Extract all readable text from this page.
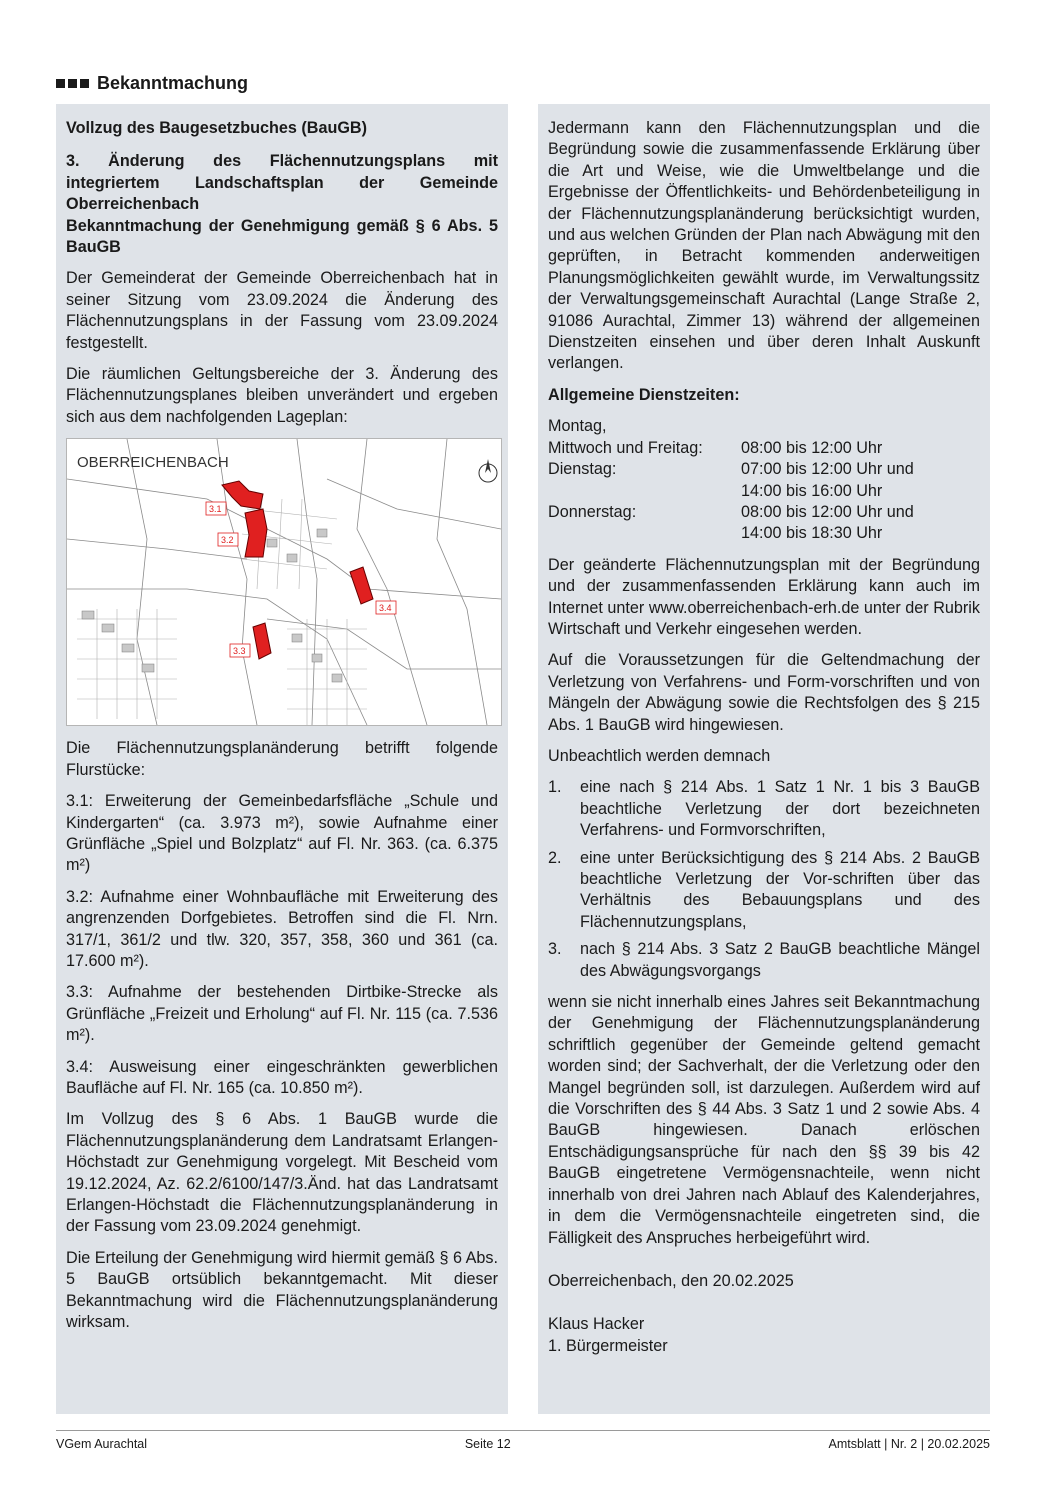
Bekanntmachung

Vollzug des Baugesetzbuches (BauGB)

3. Änderung des Flächennutzungsplans mit integriertem Landschaftsplan der Gemeinde Oberreichenbach

Bekanntmachung der Genehmigung gemäß § 6 Abs. 5 BauGB

Der Gemeinderat der Gemeinde Oberreichenbach hat in seiner Sitzung vom 23.09.2024 die Änderung des Flächennutzungsplans in der Fassung vom 23.09.2024 festgestellt.

Die räumlichen Geltungsbereiche der 3. Änderung des Flächennutzungsplanes bleiben unverändert und ergeben sich aus dem nachfolgenden Lageplan:

3.1
3.2
3.3
3.4
OBERREICHENBACH

Die Flächennutzungsplanänderung betrifft folgende Flurstücke:

3.1: Erweiterung der Gemeinbedarfsfläche „Schule und Kindergarten“ (ca. 3.973 m²), sowie Aufnahme einer Grünfläche „Spiel und Bolzplatz“ auf Fl. Nr. 363. (ca. 6.375 m²)

3.2: Aufnahme einer Wohnbaufläche mit Erweiterung des angrenzenden Dorfgebietes. Betroffen sind die Fl. Nrn. 317/1, 361/2 und tlw. 320, 357, 358, 360 und 361 (ca. 17.600 m²).

3.3: Aufnahme der bestehenden Dirtbike-Strecke als Grünfläche „Freizeit und Erholung“ auf Fl. Nr. 115 (ca. 7.536 m²).

3.4: Ausweisung einer eingeschränkten gewerblichen Baufläche auf Fl. Nr. 165 (ca. 10.850 m²).

Im Vollzug des § 6 Abs. 1 BauGB wurde die Flächennutzungsplanänderung dem Landratsamt Erlangen-Höchstadt zur Genehmigung vorgelegt. Mit Bescheid vom 19.12.2024, Az. 62.2/6100/147/3.Änd. hat das Landratsamt Erlangen-Höchstadt die Flächennutzungsplanänderung in der Fassung vom 23.09.2024 genehmigt.

Die Erteilung der Genehmigung wird hiermit gemäß § 6 Abs. 5 BauGB ortsüblich bekanntgemacht. Mit dieser Bekanntmachung wird die Flächennutzungsplanänderung wirksam.

Jedermann kann den Flächennutzungsplan und die Begründung sowie die zusammenfassende Erklärung über die Art und Weise, wie die Umweltbelange und die Ergebnisse der Öffentlichkeits- und Behördenbeteiligung in der Flächennutzungsplanänderung berücksichtigt wurden, und aus welchen Gründen der Plan nach Abwägung mit den geprüften, in Betracht kommenden anderweitigen Planungsmöglichkeiten gewählt wurde, im Verwaltungssitz der Verwaltungsgemeinschaft Aurachtal (Lange Straße 2, 91086 Aurachtal, Zimmer 13) während der allgemeinen Dienstzeiten einsehen und über deren Inhalt Auskunft verlangen.

Allgemeine Dienstzeiten:

Montag,
Mittwoch und Freitag:	08:00 bis 12:00 Uhr
Dienstag:	07:00 bis 12:00 Uhr und
14:00 bis 16:00 Uhr
Donnerstag:	08:00 bis 12:00 Uhr und
14:00 bis 18:30 Uhr

Der geänderte Flächennutzungsplan mit der Begründung und der zusammenfassenden Erklärung kann auch im Internet unter www.oberreichenbach-erh.de unter der Rubrik Wirtschaft und Verkehr eingesehen werden.

Auf die Voraussetzungen für die Geltendmachung der Verletzung von Verfahrens- und Form-vorschriften und von Mängeln der Abwägung sowie die Rechtsfolgen des § 215 Abs. 1 BauGB wird hingewiesen.

Unbeachtlich werden demnach

1.	eine nach § 214 Abs. 1 Satz 1 Nr. 1 bis 3 BauGB beachtliche Verletzung der dort bezeichneten Verfahrens- und Formvorschriften,
2.	eine unter Berücksichtigung des § 214 Abs. 2 BauGB beachtliche Verletzung der Vor-schriften über das Verhältnis des Bebauungsplans und des Flächennutzungsplans,
3.	nach § 214 Abs. 3 Satz 2 BauGB beachtliche Mängel des Abwägungsvorgangs

wenn sie nicht innerhalb eines Jahres seit Bekanntmachung der Genehmigung der Flächennutzungsplanänderung schriftlich gegenüber der Gemeinde geltend gemacht worden sind; der Sachverhalt, der die Verletzung oder den Mangel begründen soll, ist darzulegen. Außerdem wird auf die Vorschriften des § 44 Abs. 3 Satz 1 und 2 sowie Abs. 4 BauGB hingewiesen. Danach erlöschen Entschädigungsansprüche für nach den §§ 39 bis 42 BauGB eingetretene Vermögensnachteile, wenn nicht innerhalb von drei Jahren nach Ablauf des Kalenderjahres, in dem die Vermögensnachteile eingetreten sind, die Fälligkeit des Anspruches herbeigeführt wird.

Oberreichenbach, den 20.02.2025

Klaus Hacker

1. Bürgermeister

VGem Aurachtal	Seite 12	Amtsblatt | Nr. 2 | 20.02.2025
